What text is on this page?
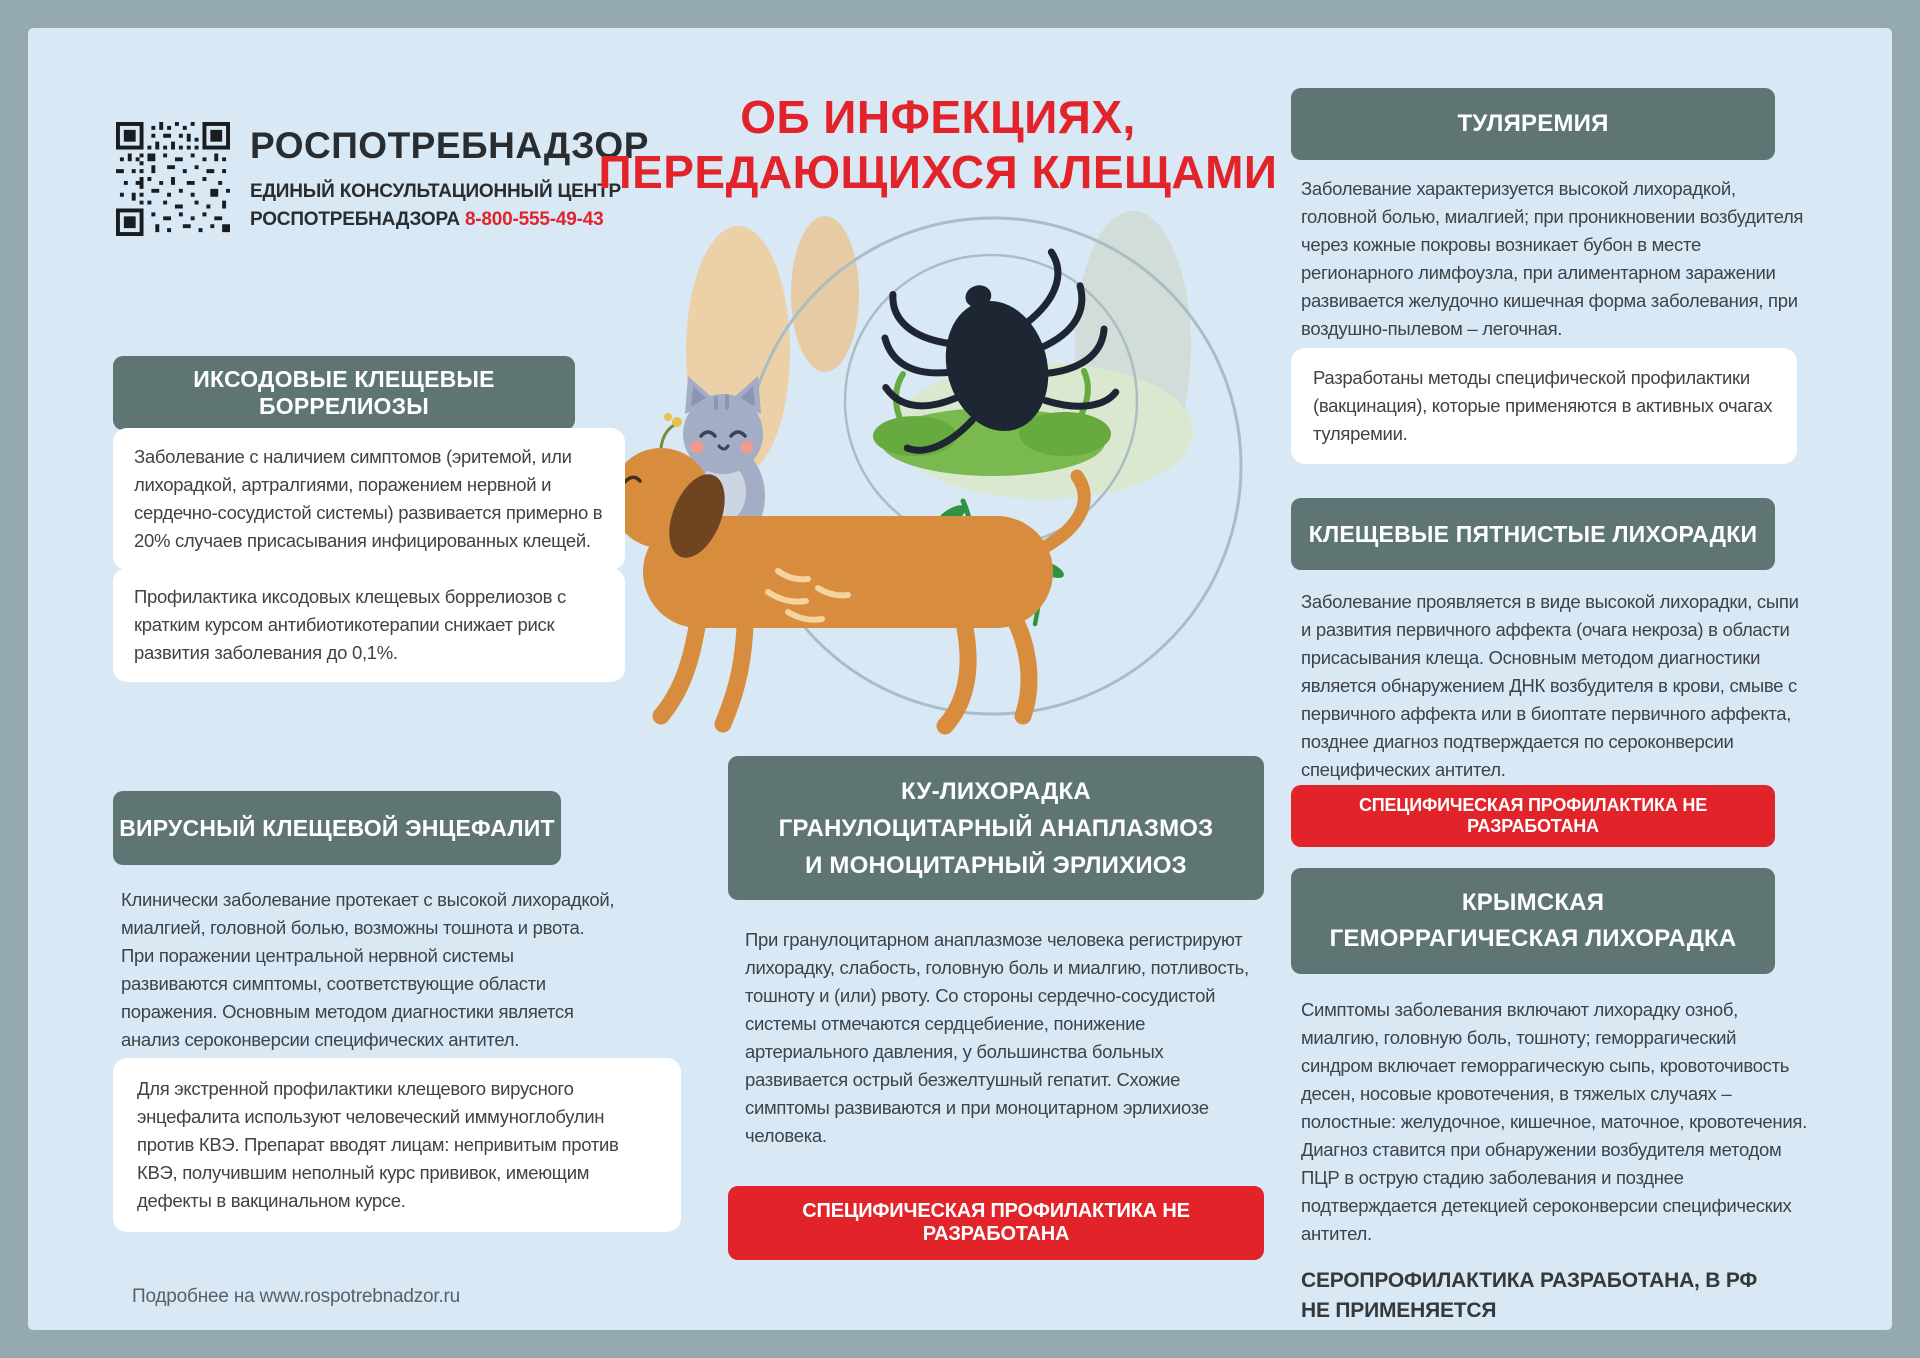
РОСПОТРЕБНАДЗОР
ЕДИНЫЙ КОНСУЛЬТАЦИОННЫЙ ЦЕНТР
РОСПОТРЕБНАДЗОРА 8-800-555-49-43
ОБ ИНФЕКЦИЯХ,
ПЕРЕДАЮЩИХСЯ КЛЕЩАМИ
ИКСОДОВЫЕ КЛЕЩЕВЫЕ БОРРЕЛИОЗЫ
Заболевание с наличием симптомов (эритемой, или лихорадкой, артралгиями, поражением нервной и сердечно-сосудистой системы) развивается примерно в 20% случаев присасывания инфицированных клещей.
Профилактика иксодовых клещевых боррелиозов с кратким курсом антибиотикотерапии снижает риск развития заболевания до 0,1%.
ВИРУСНЫЙ КЛЕЩЕВОЙ ЭНЦЕФАЛИТ
Клинически заболевание протекает с высокой лихорадкой, миалгией, головной болью, возможны тошнота и рвота. При поражении центральной нервной системы развиваются симптомы, соответствующие области поражения. Основным методом диагностики является анализ сероконверсии специфических антител.
Для экстренной профилактики клещевого вирусного энцефалита используют человеческий иммуноглобулин против КВЭ. Препарат вводят лицам: непривитым против КВЭ, получившим неполный курс прививок, имеющим дефекты в вакцинальном курсе.
Подробнее на www.rospotrebnadzor.ru
КУ-ЛИХОРАДКА
ГРАНУЛОЦИТАРНЫЙ АНАПЛАЗМОЗ
И МОНОЦИТАРНЫЙ ЭРЛИХИОЗ
При гранулоцитарном анаплазмозе человека регистрируют лихорадку, слабость, головную боль и миалгию, потливость, тошноту и (или) рвоту. Со стороны сердечно-сосудистой системы отмечаются сердцебиение, понижение артериального давления, у большинства больных развивается острый безжелтушный гепатит. Схожие симптомы развиваются и при моноцитарном эрлихиозе человека.
СПЕЦИФИЧЕСКАЯ ПРОФИЛАКТИКА НЕ РАЗРАБОТАНА
ТУЛЯРЕМИЯ
Заболевание характеризуется высокой лихорадкой, головной болью, миалгией; при проникновении возбудителя через кожные покровы возникает бубон в месте регионарного лимфоузла, при алиментарном заражении развивается желудочно кишечная форма заболевания, при воздушно-пылевом – легочная.
Разработаны методы специфической профилактики (вакцинация), которые применяются в активных очагах туляремии.
КЛЕЩЕВЫЕ ПЯТНИСТЫЕ ЛИХОРАДКИ
Заболевание проявляется в виде высокой лихорадки, сыпи и развития первичного аффекта (очага некроза) в области присасывания клеща. Основным методом диагностики является обнаружением ДНК возбудителя в крови, смыве с первичного аффекта или в биоптате первичного аффекта, позднее диагноз подтверждается по сероконверсии специфических антител.
СПЕЦИФИЧЕСКАЯ ПРОФИЛАКТИКА НЕ РАЗРАБОТАНА
КРЫМСКАЯ
ГЕМОРРАГИЧЕСКАЯ ЛИХОРАДКА
Симптомы заболевания включают лихорадку озноб, миалгию, головную боль, тошноту; геморрагический синдром включает геморрагическую сыпь, кровоточивость десен, носовые кровотечения, в тяжелых случаях – полостные: желудочное, кишечное, маточное, кровотечения. Диагноз ставится при обнаружении возбудителя методом ПЦР в острую стадию заболевания и позднее подтверждается детекцией сероконверсии специфических антител.
СЕРОПРОФИЛАКТИКА РАЗРАБОТАНА, В РФ
НЕ ПРИМЕНЯЕТСЯ
